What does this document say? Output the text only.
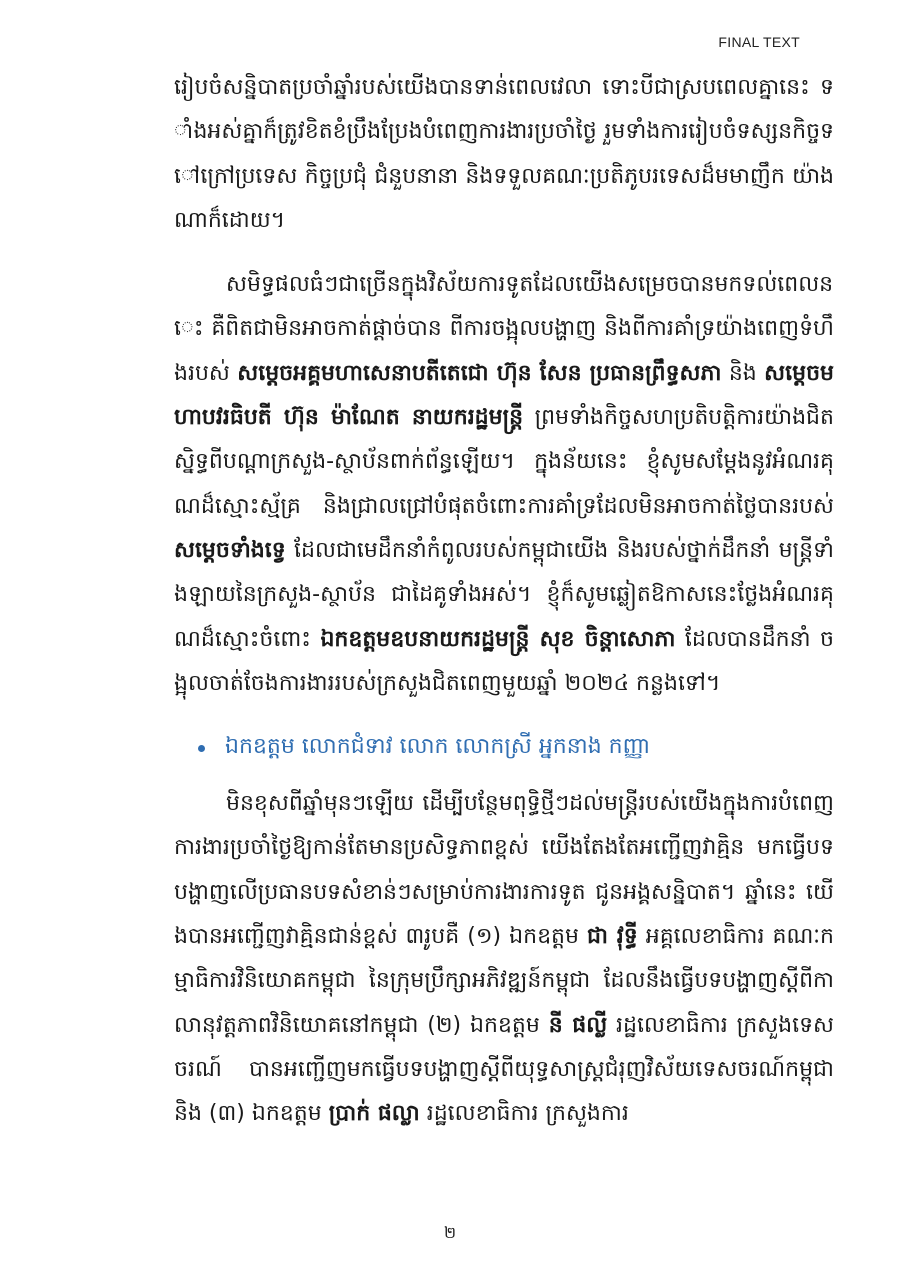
FINAL TEXT

រៀបចំសន្និបាតប្រចាំឆ្នាំរបស់យើងបានទាន់ពេលវេលា ទោះបីជាស្របពេលគ្នានេះ ទាំងអស់គ្នាក៏ត្រូវខិតខំប្រឹងប្រែងបំពេញការងារប្រចាំថ្ងៃ រួមទាំងការរៀបចំទស្សនកិច្ចទៅក្រៅប្រទេស កិច្ចប្រជុំ ជំនួបនានា និងទទួលគណៈប្រតិភូបរទេសដ៏មមាញឹក យ៉ាងណាក៏ដោយ។

សមិទ្ធផលធំៗជាច្រើនក្នុងវិស័យការទូតដែលយើងសម្រេចបានមកទល់ពេលនេះ គឺពិតជាមិនអាចកាត់ផ្ដាច់បាន ពីការចង្អុលបង្ហាញ និងពីការគាំទ្រយ៉ាងពេញទំហឹងរបស់ សម្ដេចអគ្គមហាសេនាបតីតេជោ ហ៊ុន សែន ប្រធានព្រឹទ្ធសភា និង សម្ដេចមហាបវរធិបតី ហ៊ុន ម៉ាណែត នាយករដ្ឋមន្ត្រី ព្រមទាំងកិច្ចសហប្រតិបត្តិការយ៉ាងជិតស្និទ្ធពីបណ្ដាក្រសួង-ស្ថាប័នពាក់ព័ន្ធឡើយ។ ក្នុងន័យនេះ ខ្ញុំសូមសម្ដែងនូវអំណរគុណដ៏ស្មោះស្ម័គ្រ និងជ្រាលជ្រៅបំផុតចំពោះការគាំទ្រដែលមិនអាចកាត់ថ្លៃបានរបស់ សម្ដេចទាំងទ្វេ ដែលជាមេដឹកនាំកំពូលរបស់កម្ពុជាយើង និងរបស់ថ្នាក់ដឹកនាំ មន្ត្រីទាំងឡាយនៃក្រសួង-ស្ថាប័ន ជាដៃគូទាំងអស់។ ខ្ញុំក៏សូមឆ្លៀតឱកាសនេះថ្លែងអំណរគុណដ៏ស្មោះចំពោះ ឯកឧត្ដមឧបនាយករដ្ឋមន្ត្រី សុខ ចិន្ដាសោភា ដែលបានដឹកនាំ ចង្អុលចាត់ចែងការងាររបស់ក្រសួងជិតពេញមួយឆ្នាំ ២០២៤ កន្លងទៅ។

ឯកឧត្ដម លោកជំទាវ លោក លោកស្រី អ្នកនាង កញ្ញា

មិនខុសពីឆ្នាំមុនៗឡើយ ដើម្បីបន្ថែមពុទ្ធិថ្មីៗដល់មន្ត្រីរបស់យើងក្នុងការបំពេញការងារប្រចាំថ្ងៃឱ្យកាន់តែមានប្រសិទ្ធភាពខ្ពស់ យើងតែងតែអញ្ជើញវាគ្មិន មកធ្វើបទបង្ហាញលើប្រធានបទសំខាន់ៗសម្រាប់ការងារការទូត ជូនអង្គសន្និបាត។ ឆ្នាំនេះ យើងបានអញ្ជើញវាគ្មិនជាន់ខ្ពស់ ៣រូបគឺ (១) ឯកឧត្ដម ជា វុទ្ធី អគ្គលេខាធិការ គណៈកម្មាធិការវិនិយោគកម្ពុជា នៃក្រុមប្រឹក្សាអភិវឌ្ឍន៍កម្ពុជា ដែលនឹងធ្វើបទបង្ហាញស្ដីពីកាលានុវត្តភាពវិនិយោគនៅកម្ពុជា (២) ឯកឧត្ដម នី ផល្លី រដ្ឋលេខាធិការ ក្រសួងទេសចរណ៍ បានអញ្ជើញមកធ្វើបទបង្ហាញស្ដីពីយុទ្ធសាស្ត្រជំរុញវិស័យទេសចរណ៍កម្ពុជា និង (៣) ឯកឧត្ដម ប្រាក់ ផល្លា រដ្ឋលេខាធិការ ក្រសួងការ

២
